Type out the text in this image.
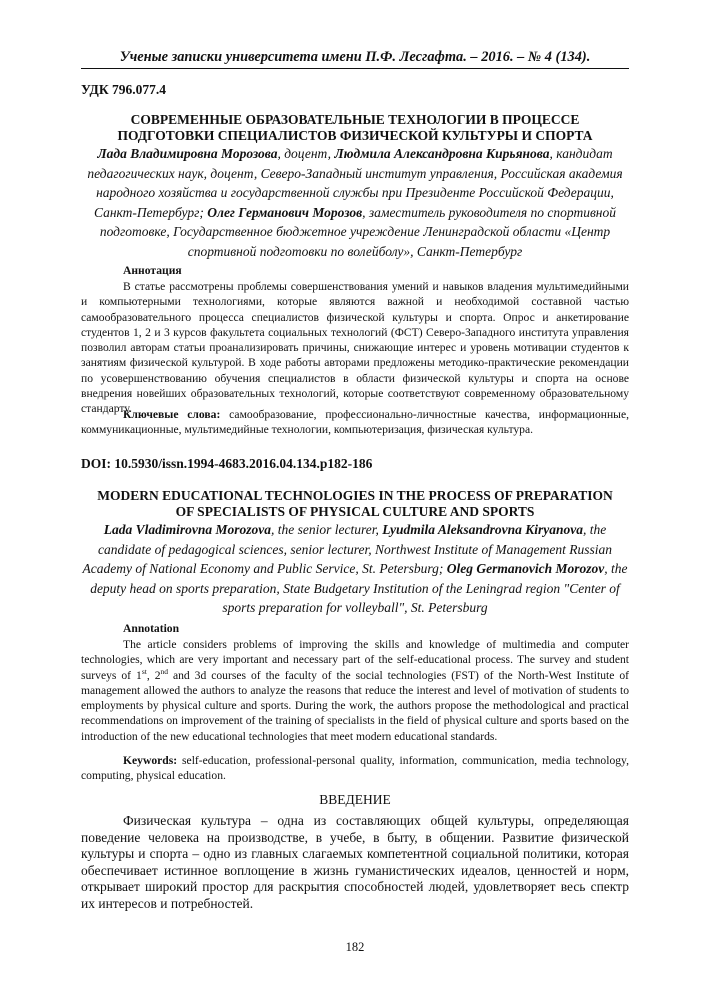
Ученые записки университета имени П.Ф. Лесгафта. – 2016. – № 4 (134).
УДК 796.077.4
СОВРЕМЕННЫЕ ОБРАЗОВАТЕЛЬНЫЕ ТЕХНОЛОГИИ В ПРОЦЕССЕ
ПОДГОТОВКИ СПЕЦИАЛИСТОВ ФИЗИЧЕСКОЙ КУЛЬТУРЫ И СПОРТА
Лада Владимировна Морозова, доцент, Людмила Александровна Кирьянова, кандидат педагогических наук, доцент, Северо-Западный институт управления, Российская академия народного хозяйства и государственной службы при Президенте Российской Федерации, Санкт-Петербург; Олег Германович Морозов, заместитель руководителя по спортивной подготовке, Государственное бюджетное учреждение Ленинградской области «Центр спортивной подготовки по волейболу», Санкт-Петербург
Аннотация

В статье рассмотрены проблемы совершенствования умений и навыков владения мультимедийными и компьютерными технологиями, которые являются важной и необходимой составной частью самообразовательного процесса специалистов физической культуры и спорта. Опрос и анкетирование студентов 1, 2 и 3 курсов факультета социальных технологий (ФСТ) Северо-Западного института управления позволил авторам статьи проанализировать причины, снижающие интерес и уровень мотивации студентов к занятиям физической культурой. В ходе работы авторами предложены методико-практические рекомендации по усовершенствованию обучения специалистов в области физической культуры и спорта на основе внедрения новейших образовательных технологий, которые соответствуют современному образовательному стандарту.

Ключевые слова: самообразование, профессионально-личностные качества, информационные, коммуникационные, мультимедийные технологии, компьютеризация, физическая культура.

DOI: 10.5930/issn.1994-4683.2016.04.134.p182-186
MODERN EDUCATIONAL TECHNOLOGIES IN THE PROCESS OF PREPARATION
OF SPECIALISTS OF PHYSICAL CULTURE AND SPORTS
Lada Vladimirovna Morozova, the senior lecturer, Lyudmila Aleksandrovna Kiryanova, the candidate of pedagogical sciences, senior lecturer, Northwest Institute of Management Russian Academy of National Economy and Public Service, St. Petersburg; Oleg Germanovich Morozov, the deputy head on sports preparation, State Budgetary Institution of the Leningrad region "Center of sports preparation for volleyball", St. Petersburg
Annotation

The article considers problems of improving the skills and knowledge of multimedia and computer technologies, which are very important and necessary part of the self-educational process. The survey and student surveys of 1st, 2nd and 3d courses of the faculty of the social technologies (FST) of the North-West Institute of management allowed the authors to analyze the reasons that reduce the interest and level of motivation of students to employments by physical culture and sports. During the work, the authors propose the methodological and practical recommendations on improvement of the training of specialists in the field of physical culture and sports based on the introduction of the new educational technologies that meet modern educational standards.

Keywords: self-education, professional-personal quality, information, communication, media technology, computing, physical education.

ВВЕДЕНИЕ

Физическая культура – одна из составляющих общей культуры, определяющая поведение человека на производстве, в учебе, в быту, в общении. Развитие физической культуры и спорта – одно из главных слагаемых компетентной социальной политики, которая обеспечивает истинное воплощение в жизнь гуманистических идеалов, ценностей и норм, открывает широкий простор для раскрытия способностей людей, удовлетворяет весь спектр их интересов и потребностей.

182
